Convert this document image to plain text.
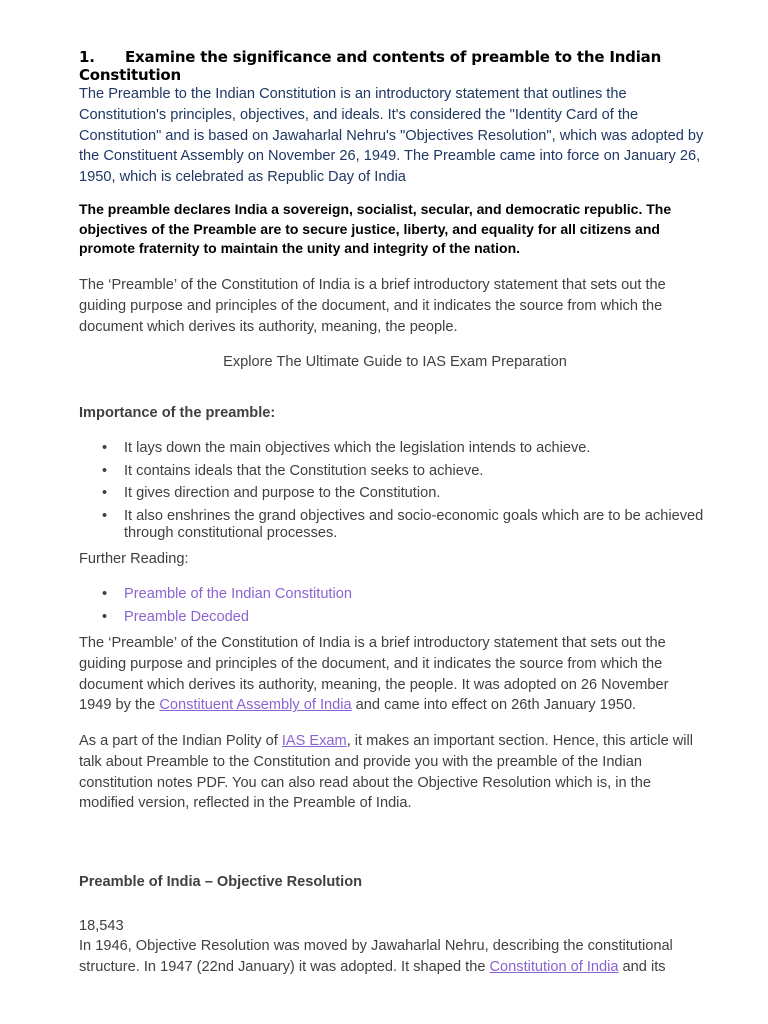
1. Examine the significance and contents of preamble to the Indian Constitution

The Preamble to the Indian Constitution is an introductory statement that outlines the Constitution's principles, objectives, and ideals. It's considered the "Identity Card of the Constitution" and is based on Jawaharlal Nehru's "Objectives Resolution", which was adopted by the Constituent Assembly on November 26, 1949. The Preamble came into force on January 26, 1950, which is celebrated as Republic Day of India

The preamble declares India a sovereign, socialist, secular, and democratic republic. The objectives of the Preamble are to secure justice, liberty, and equality for all citizens and promote fraternity to maintain the unity and integrity of the nation.

The ‘Preamble’ of the Constitution of India is a brief introductory statement that sets out the guiding purpose and principles of the document, and it indicates the source from which the document which derives its authority, meaning, the people.

Explore The Ultimate Guide to IAS Exam Preparation

Importance of the preamble:

• It lays down the main objectives which the legislation intends to achieve.
• It contains ideals that the Constitution seeks to achieve.
• It gives direction and purpose to the Constitution.
• It also enshrines the grand objectives and socio-economic goals which are to be achieved through constitutional processes.

Further Reading:

• Preamble of the Indian Constitution
• Preamble Decoded

The ‘Preamble’ of the Constitution of India is a brief introductory statement that sets out the guiding purpose and principles of the document, and it indicates the source from which the document which derives its authority, meaning, the people. It was adopted on 26 November 1949 by the Constituent Assembly of India and came into effect on 26th January 1950.

As a part of the Indian Polity of IAS Exam, it makes an important section. Hence, this article will talk about Preamble to the Constitution and provide you with the preamble of the Indian constitution notes PDF. You can also read about the Objective Resolution which is, in the modified version, reflected in the Preamble of India.

Preamble of India – Objective Resolution

18,543

In 1946, Objective Resolution was moved by Jawaharlal Nehru, describing the constitutional structure. In 1947 (22nd January) it was adopted. It shaped the Constitution of India and its
